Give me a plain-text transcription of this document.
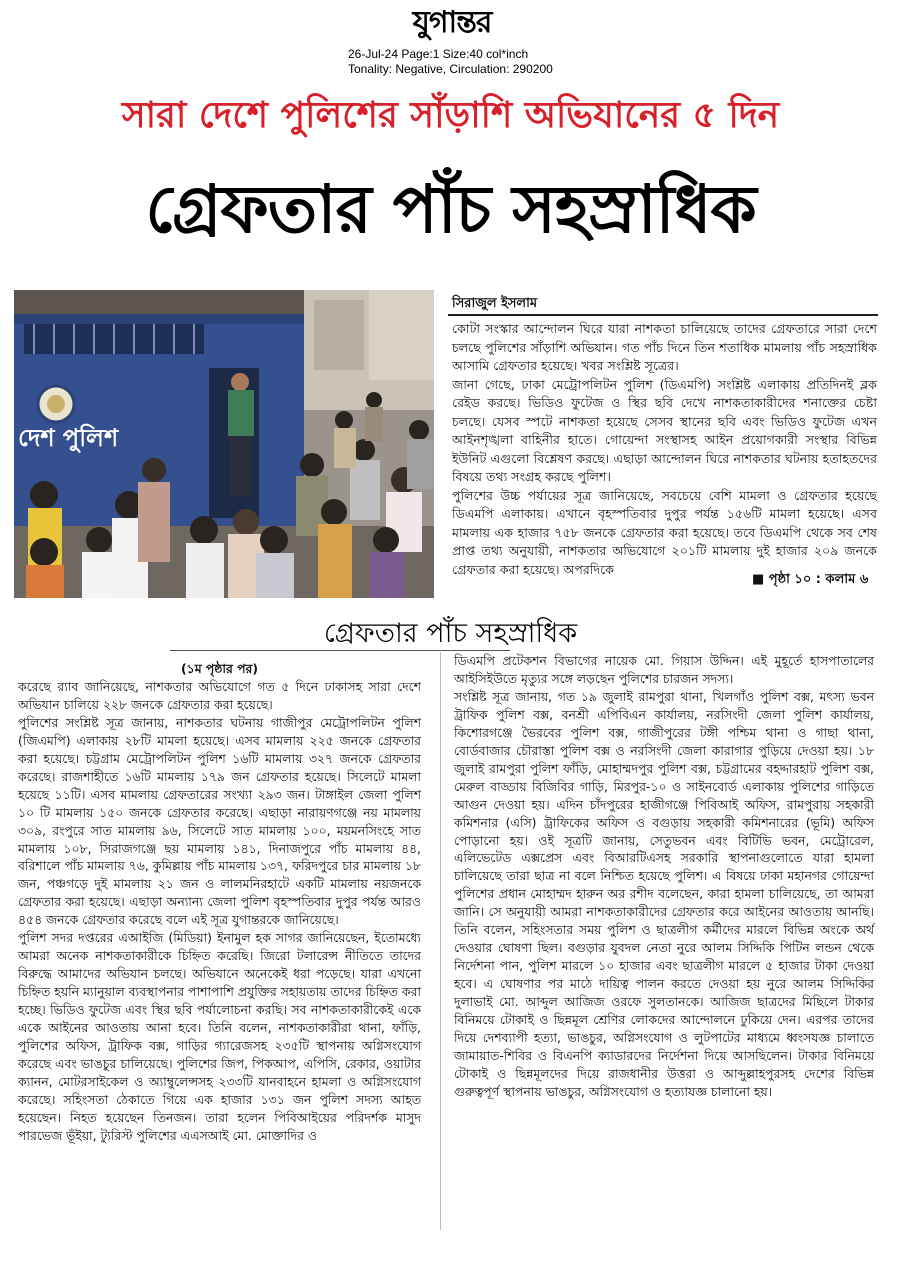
যুগান্তর
26-Jul-24 Page:1 Size:40 col*inch
Tonality: Negative, Circulation: 290200
সারা দেশে পুলিশের সাঁড়াশি অভিযানের ৫ দিন
গ্রেফতার পাঁচ সহস্রাধিক
দেশ পুলিশ
সিরাজুল ইসলাম

কোটা সংস্কার আন্দোলন ঘিরে যারা নাশকতা চালিয়েছে তাদের গ্রেফতারে সারা দেশে চলছে পুলিশের সাঁড়াশি অভিযান। গত পাঁচ দিনে তিন শতাধিক মামলায় পাঁচ সহস্রাধিক আসামি গ্রেফতার হয়েছে। খবর সংশ্লিষ্ট সূত্রের।

জানা গেছে, ঢাকা মেট্রোপলিটন পুলিশ (ডিএমপি) সংশ্লিষ্ট এলাকায় প্রতিদিনই ব্লক রেইড করছে। ভিডিও ফুটেজ ও স্থির ছবি দেখে নাশকতাকারীদের শনাক্তের চেষ্টা চলছে। যেসব স্পটে নাশকতা হয়েছে সেসব স্থানের ছবি এবং ভিডিও ফুটেজ এখন আইনশৃঙ্খলা বাহিনীর হাতে। গোয়েন্দা সংস্থাসহ আইন প্রয়োগকারী সংস্থার বিভিন্ন ইউনিট এগুলো বিশ্লেষণ করছে। এছাড়া আন্দোলন ঘিরে নাশকতার ঘটনায় হতাহতদের বিষয়ে তথ্য সংগ্রহ করছে পুলিশ।

পুলিশের উচ্চ পর্যায়ের সূত্র জানিয়েছে, সবচেয়ে বেশি মামলা ও গ্রেফতার হয়েছে ডিএমপি এলাকায়। এখানে বৃহস্পতিবার দুপুর পর্যন্ত ১৫৬টি মামলা হয়েছে। এসব মামলায় এক হাজার ৭৫৮ জনকে গ্রেফতার করা হয়েছে। তবে ডিএমপি থেকে সব শেষ প্রাপ্ত তথ্য অনুযায়ী, নাশকতার অভিযোগে ২০১টি মামলায় দুই হাজার ২০৯ জনকে গ্রেফতার করা হয়েছে। অপরদিকে

■ পৃষ্ঠা ১০ : কলাম ৬
গ্রেফতার পাঁচ সহস্রাধিক

(১ম পৃষ্ঠার পর)

করেছে র‌্যাব জানিয়েছে, নাশকতার অভিযোগে গত ৫ দিনে ঢাকাসহ সারা দেশে অভিযান চালিয়ে ২২৮ জনকে গ্রেফতার করা হয়েছে।

পুলিশের সংশ্লিষ্ট সূত্র জানায়, নাশকতার ঘটনায় গাজীপুর মেট্রোপলিটন পুলিশ (জিএমপি) এলাকায় ২৮টি মামলা হয়েছে। এসব মামলায় ২২৫ জনকে গ্রেফতার করা হয়েছে। চট্টগ্রাম মেট্রোপলিটন পুলিশ ১৬টি মামলায় ৩২৭ জনকে গ্রেফতার করেছে। রাজশাহীতে ১৬টি মামলায় ১৭৯ জন গ্রেফতার হয়েছে। সিলেটে মামলা হয়েছে ১১টি। এসব মামলায় গ্রেফতারের সংখ্যা ২৯৩ জন। টাঙ্গাইল জেলা পুলিশ ১০ টি মামলায় ১৫০ জনকে গ্রেফতার করেছে। এছাড়া নারায়ণগঞ্জে নয় মামলায় ৩০৯, রংপুরে সাত মামলায় ৯৬, সিলেটে সাত মামলায় ১০০, ময়মনসিংহে সাত মামলায় ১০৮, সিরাজগঞ্জে ছয় মামলায় ১৪১, দিনাজপুরে পাঁচ মামলায় ৪৪, বরিশালে পাঁচ মামলায় ৭৬, কুমিল্লায় পাঁচ মামলায় ১৩৭, ফরিদপুরে চার মামলায় ১৮ জন, পঞ্চগড়ে দুই মামলায় ২১ জন ও লালমনিরহাটে একটি মামলায় নয়জনকে গ্রেফতার করা হয়েছে। এছাড়া অন্যান্য জেলা পুলিশ বৃহস্পতিবার দুপুর পর্যন্ত আরও ৪৫৪ জনকে গ্রেফতার করেছে বলে এই সূত্র যুগান্তরকে জানিয়েছে।

পুলিশ সদর দপ্তরের এআইজি (মিডিয়া) ইনামুল হক সাগর জানিয়েছেন, ইতোমধ্যে আমরা অনেক নাশকতাকারীকে চিহ্নিত করেছি। জিরো টলারেন্স নীতিতে তাদের বিরুদ্ধে আমাদের অভিযান চলছে। অভিযানে অনেকেই ধরা পড়েছে। যারা এখনো চিহ্নিত হয়নি ম্যানুয়াল ব্যবস্থাপনার পাশাপাশি প্রযুক্তির সহায়তায় তাদের চিহ্নিত করা হচ্ছে। ভিডিও ফুটেজ এবং স্থির ছবি পর্যালোচনা করছি। সব নাশকতাকারীকেই একে একে আইনের আওতায় আনা হবে। তিনি বলেন, নাশকতাকারীরা থানা, ফাঁড়ি, পুলিশের অফিস, ট্রাফিক বক্স, গাড়ির গ্যারেজসহ ২৩৫টি স্থাপনায় অগ্নিসংযোগ করেছে এবং ভাঙচুর চালিয়েছে। পুলিশের জিপ, পিকআপ, এপিসি, রেকার, ওয়াটার ক্যানন, মোটরসাইকেল ও অ্যাম্বুলেন্সসহ ২৩৩টি যানবাহনে হামলা ও অগ্নিসংযোগ করেছে। সহিংসতা ঠেকাতে গিয়ে এক হাজার ১৩১ জন পুলিশ সদস্য আহত হয়েছেন। নিহত হয়েছেন তিনজন। তারা হলেন পিবিআইয়ের পরিদর্শক মাসুদ পারভেজ ভূঁইয়া, ট্যুরিস্ট পুলিশের এএসআই মো. মোক্তাদির ও

ডিএমপি প্রটেকশন বিভাগের নায়েক মো. গিয়াস উদ্দিন। এই মুহূর্তে হাসপাতালের আইসিইউতে মৃত্যুর সঙ্গে লড়ছেন পুলিশের চারজন সদস্য।

সংশ্লিষ্ট সূত্র জানায়, গত ১৯ জুলাই রামপুরা থানা, খিলগাঁও পুলিশ বক্স, মৎস্য ভবন ট্রাফিক পুলিশ বক্স, বনশ্রী এপিবিএন কার্যালয়, নরসিংদী জেলা পুলিশ কার্যালয়, কিশোরগঞ্জে ভৈরবের পুলিশ বক্স, গাজীপুরের টঙ্গী পশ্চিম থানা ও গাছা থানা, বোর্ডবাজার চৌরাস্তা পুলিশ বক্স ও নরসিংদী জেলা কারাগার পুড়িয়ে দেওয়া হয়। ১৮ জুলাই রামপুরা পুলিশ ফাঁড়ি, মোহাম্মদপুর পুলিশ বক্স, চট্টগ্রামের বহদ্দারহাট পুলিশ বক্স, মেরুল বাড্ডায় বিজিবির গাড়ি, মিরপুর-১০ ও সাইনবোর্ড এলাকায় পুলিশের গাড়িতে আগুন দেওয়া হয়। এদিন চাঁদপুরের হাজীগঞ্জে পিবিআই অফিস, রামপুরায় সহকারী কমিশনার (এসি) ট্রাফিকের অফিস ও বগুড়ায় সহকারী কমিশনারের (ভূমি) অফিস পোড়ানো হয়। ওই সূত্রটি জানায়, সেতুভবন এবং বিটিভি ভবন, মেট্রোরেল, এলিভেটেড এক্সপ্রেস এবং বিআরটিএসহ সরকারি স্থাপনাগুলোতে যারা হামলা চালিয়েছে তারা ছাত্র না বলে নিশ্চিত হয়েছে পুলিশ। এ বিষয়ে ঢাকা মহানগর গোয়েন্দা পুলিশের প্রধান মোহাম্মদ হারুন অর রশীদ বলেছেন, কারা হামলা চালিয়েছে, তা আমরা জানি। সে অনুযায়ী আমরা নাশকতাকারীদের গ্রেফতার করে আইনের আওতায় আনছি। তিনি বলেন, সহিংসতার সময় পুলিশ ও ছাত্রলীগ কর্মীদের মারলে বিভিন্ন অংকে অর্থ দেওয়ার ঘোষণা ছিল। বগুড়ার যুবদল নেতা নুরে আলম সিদ্দিকি পিটিন লন্ডন থেকে নির্দেশনা পান, পুলিশ মারলে ১০ হাজার এবং ছাত্রলীগ মারলে ৫ হাজার টাকা দেওয়া হবে। এ ঘোষণার পর মাঠে দায়িত্ব পালন করতে দেওয়া হয় নুরে আলম সিদ্দিকির দুলাভাই মো. আব্দুল আজিজ ওরফে সুলতানকে। আজিজ ছাত্রদের মিছিলে টাকার বিনিময়ে টোকাই ও ছিন্নমূল শ্রেণির লোকদের আন্দোলনে ঢুকিয়ে দেন। এরপর তাদের দিয়ে দেশব্যাপী হত্যা, ভাঙচুর, অগ্নিসংযোগ ও লুটপাটের মাধ্যমে ধ্বংসযজ্ঞ চালাতে জামায়াত-শিবির ও বিএনপি ক্যাডারদের নির্দেশনা দিয়ে আসছিলেন। টাকার বিনিময়ে টোকাই ও ছিন্নমূলদের দিয়ে রাজধানীর উত্তরা ও আব্দুল্লাহপুরসহ দেশের বিভিন্ন গুরুত্বপূর্ণ স্থাপনায় ভাঙচুর, অগ্নিসংযোগ ও হত্যাযজ্ঞ চালানো হয়।
